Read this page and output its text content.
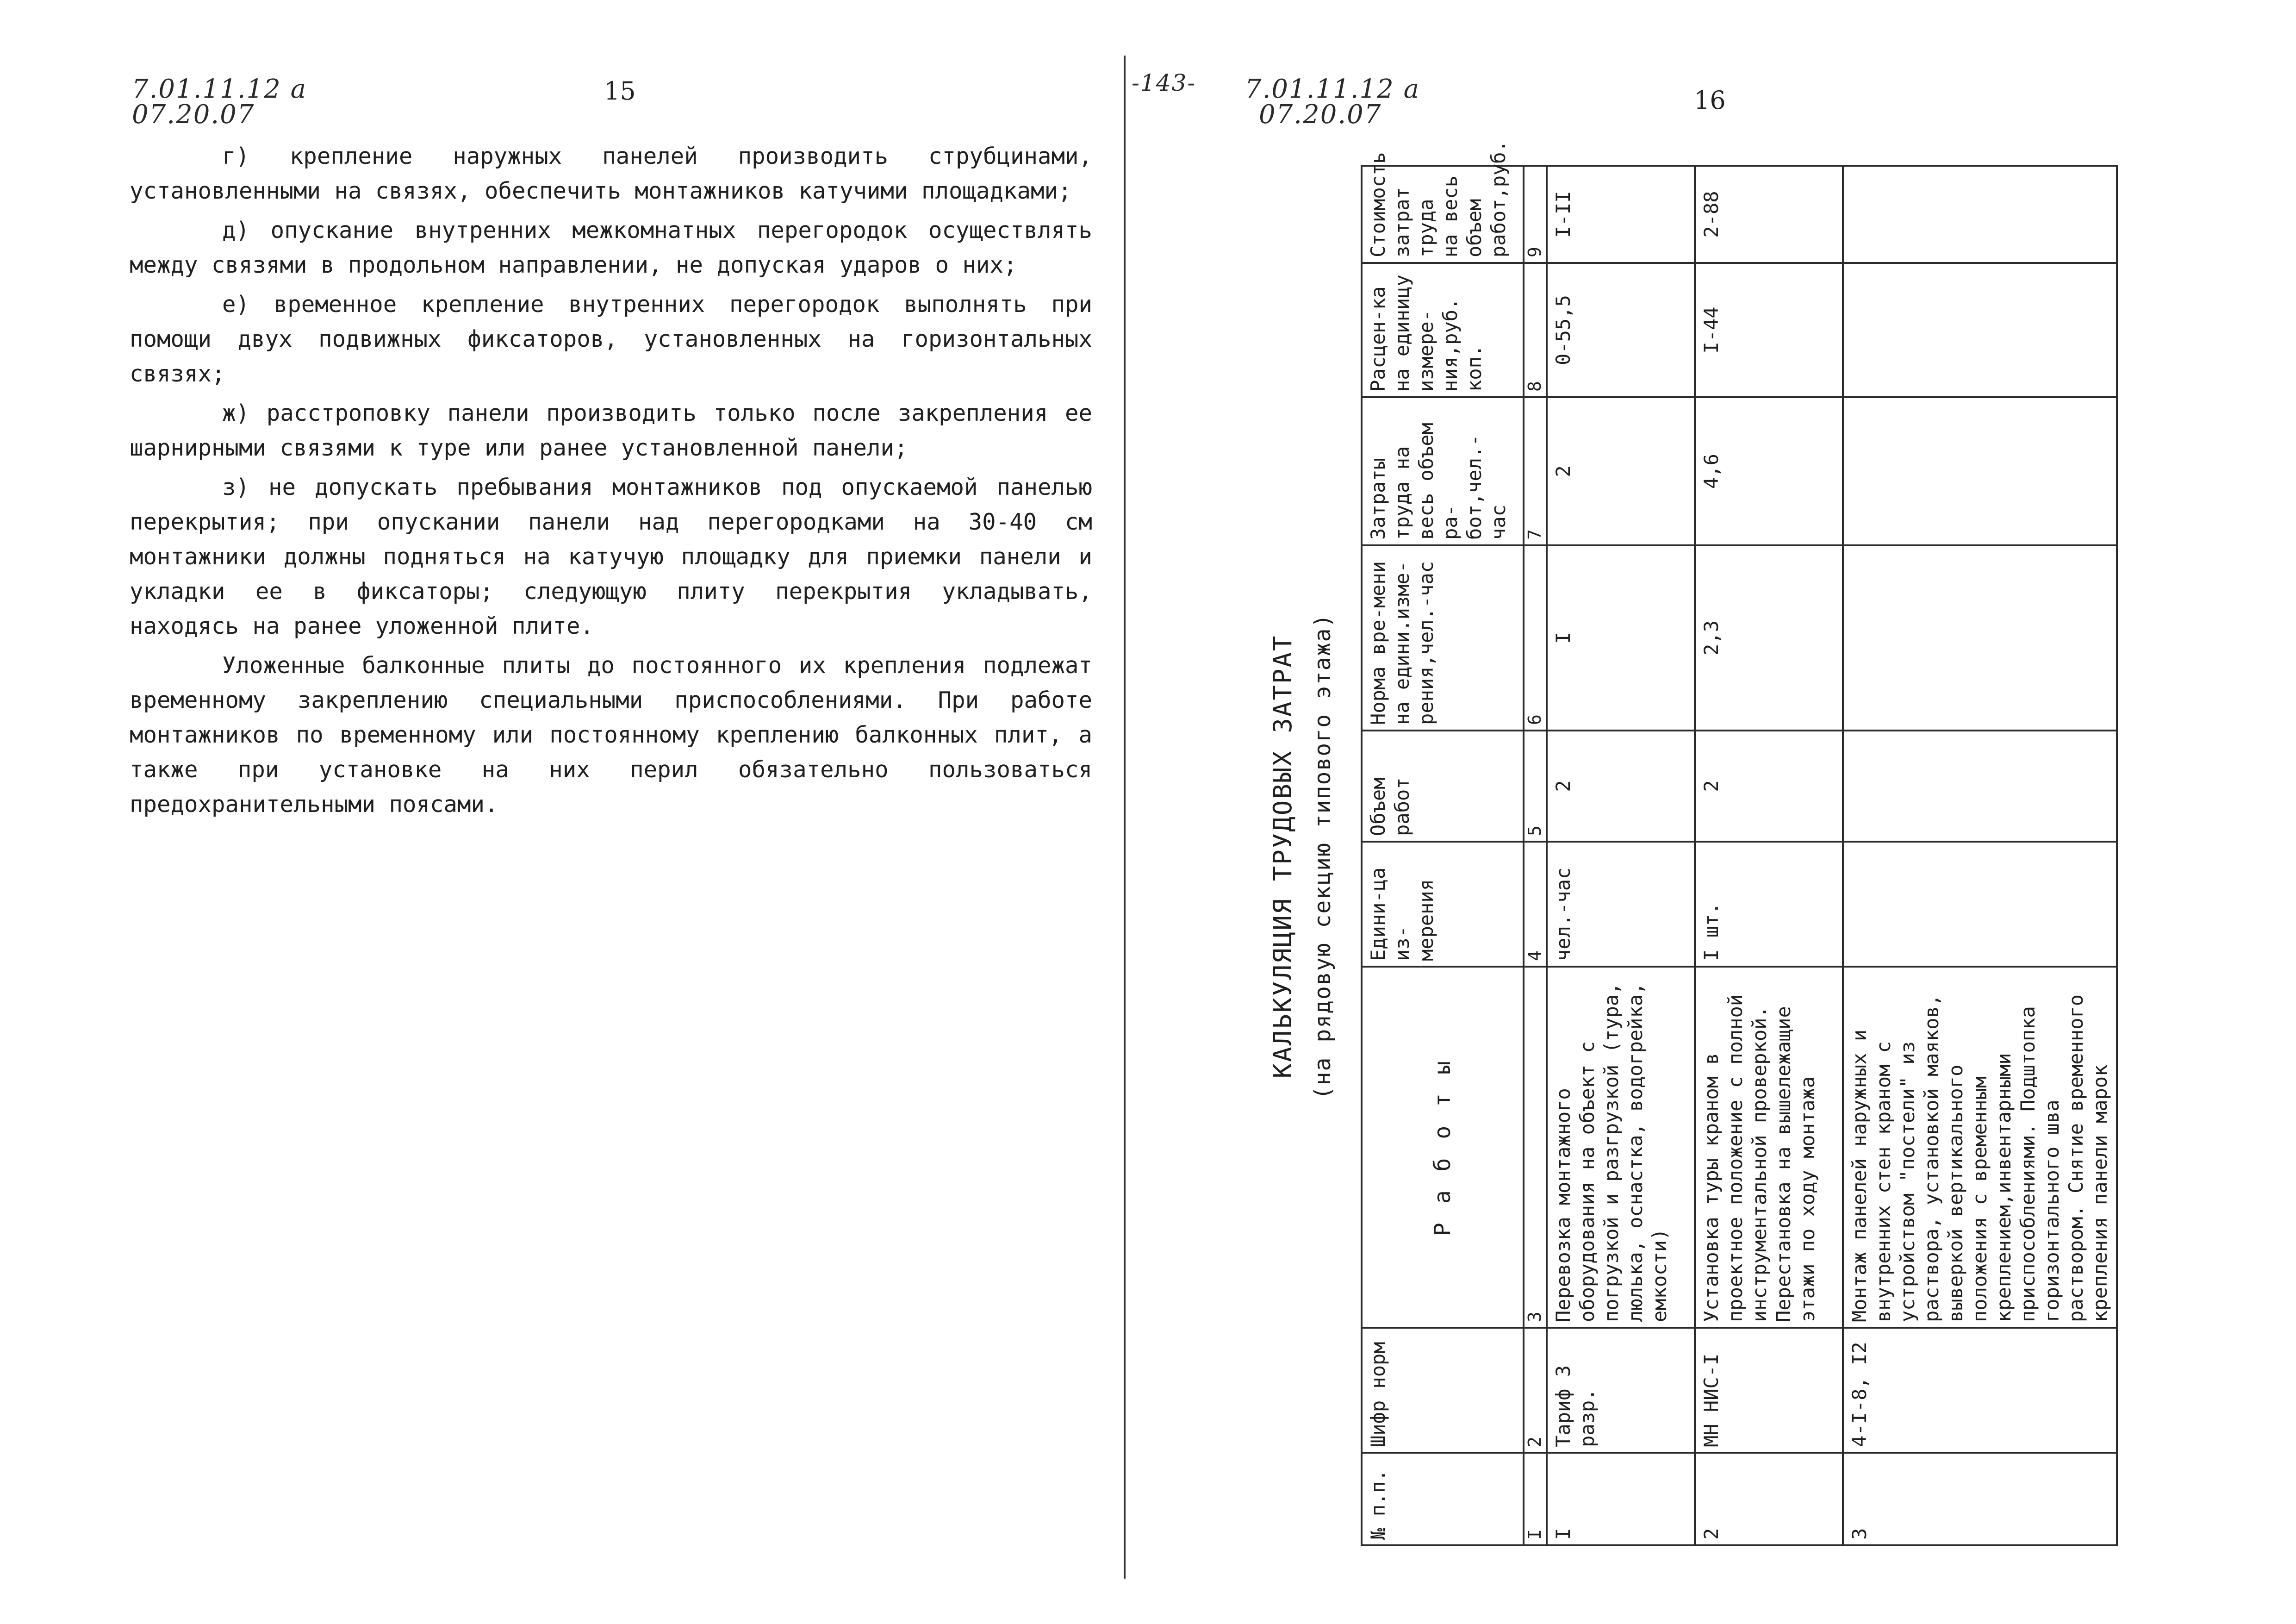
7.01.11.12 а
07.20.07
15

г) крепление наружных панелей производить струбцинами, установленными на связях, обеспечить монтажников катучими площадками;

д) опускание внутренних межкомнатных перегородок осуществлять между связями в продольном направлении, не допуская ударов о них;

е) временное крепление внутренних перегородок выполнять при помощи двух подвижных фиксаторов, установленных на горизонтальных связях;

ж) расстроповку панели производить только после закрепления ее шарнирными связями к туре или ранее установленной панели;

з) не допускать пребывания монтажников под опускаемой панелью перекрытия; при опускании панели над перегородками на 30-40 см монтажники должны подняться на катучую площадку для приемки панели и укладки ее в фиксаторы; следующую плиту перекрытия укладывать, находясь на ранее уложенной плите.

Уложенные балконные плиты до постоянного их крепления подлежат временному закреплению специальными приспособлениями. При работе монтажников по временному или постоянному креплению балконных плит, а также при установке на них перил обязательно пользоваться предохранительными поясами.

-143- 7.01.11.12 а
07.20.07	16
КАЛЬКУЛЯЦИЯ ТРУДОВЫХ ЗАТРАТ (на рядовую секцию типового этажа)
№ п.п.	Шифр норм	Р а б о т ы	Едини-ца из-мерения	Объем работ	Норма вре-мени на едини.изме-рения,чел.-час	Затраты труда на весь объем ра-бот,чел.-час	Расцен-ка на единицу измере-ния,руб. коп.	Стоимость затрат труда на весь объем работ,руб.
I	2	3	4	5	6	7	8	9
I	Тариф 3 разр.	Перевозка монтажного оборудования на объект с погрузкой и разгрузкой (тура, люлька, оснастка, водогрейка, емкости)	чел.-час	2	I	2	0-55,5	I-II
2	МН НИС-I	Установка туры краном в проектное положение с полной инструментальной проверкой. Перестановка на вышележащие этажи по ходу монтажа	I шт.	2	2,3	4,6	I-44	2-88
3	4-I-8, I2	Монтаж панелей наружных и внутренних стен краном с устройством "постели" из раствора, установкой маяков, выверкой вертикального положения с временным креплением,инвентарными приспособлениями. Подштопка горизонтального шва раствором. Снятие временного крепления панели марок						
